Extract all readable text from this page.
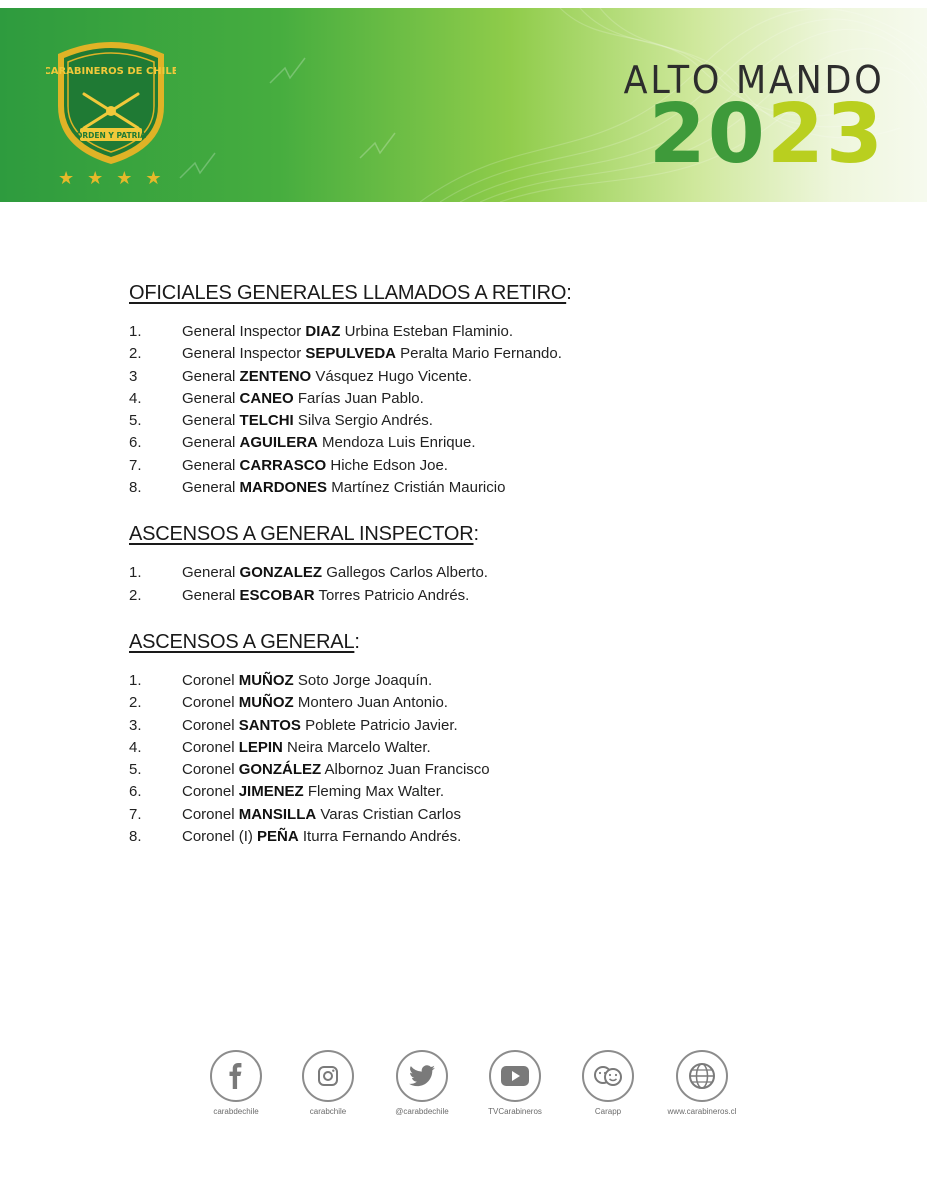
CARABINEROS DE CHILE
ORDEN Y PATRIA
★ ★ ★ ★
ALTO MANDO
2023
OFICIALES GENERALES LLAMADOS A RETIRO:
1.	General Inspector DIAZ Urbina Esteban Flaminio.
2.	General Inspector SEPULVEDA Peralta Mario Fernando.
3	General ZENTENO Vásquez Hugo Vicente.
4.	General CANEO Farías Juan Pablo.
5.	General TELCHI Silva Sergio Andrés.
6.	General AGUILERA Mendoza Luis Enrique.
7.	General CARRASCO Hiche Edson Joe.
8.	General MARDONES Martínez Cristián Mauricio
ASCENSOS A GENERAL INSPECTOR:
1.	General GONZALEZ Gallegos Carlos Alberto.
2.	General ESCOBAR Torres Patricio Andrés.
ASCENSOS A GENERAL:
1.	Coronel MUÑOZ Soto Jorge Joaquín.
2.	Coronel MUÑOZ Montero Juan Antonio.
3.	Coronel SANTOS Poblete Patricio Javier.
4.	Coronel LEPIN Neira Marcelo Walter.
5.	Coronel GONZÁLEZ Albornoz Juan Francisco
6.	Coronel JIMENEZ Fleming Max Walter.
7.	Coronel MANSILLA Varas Cristian Carlos
8.	Coronel (I) PEÑA Iturra Fernando Andrés.
carabdechile	carabchile	@carabdechile	TVCarabineros	Carapp	www.carabineros.cl
